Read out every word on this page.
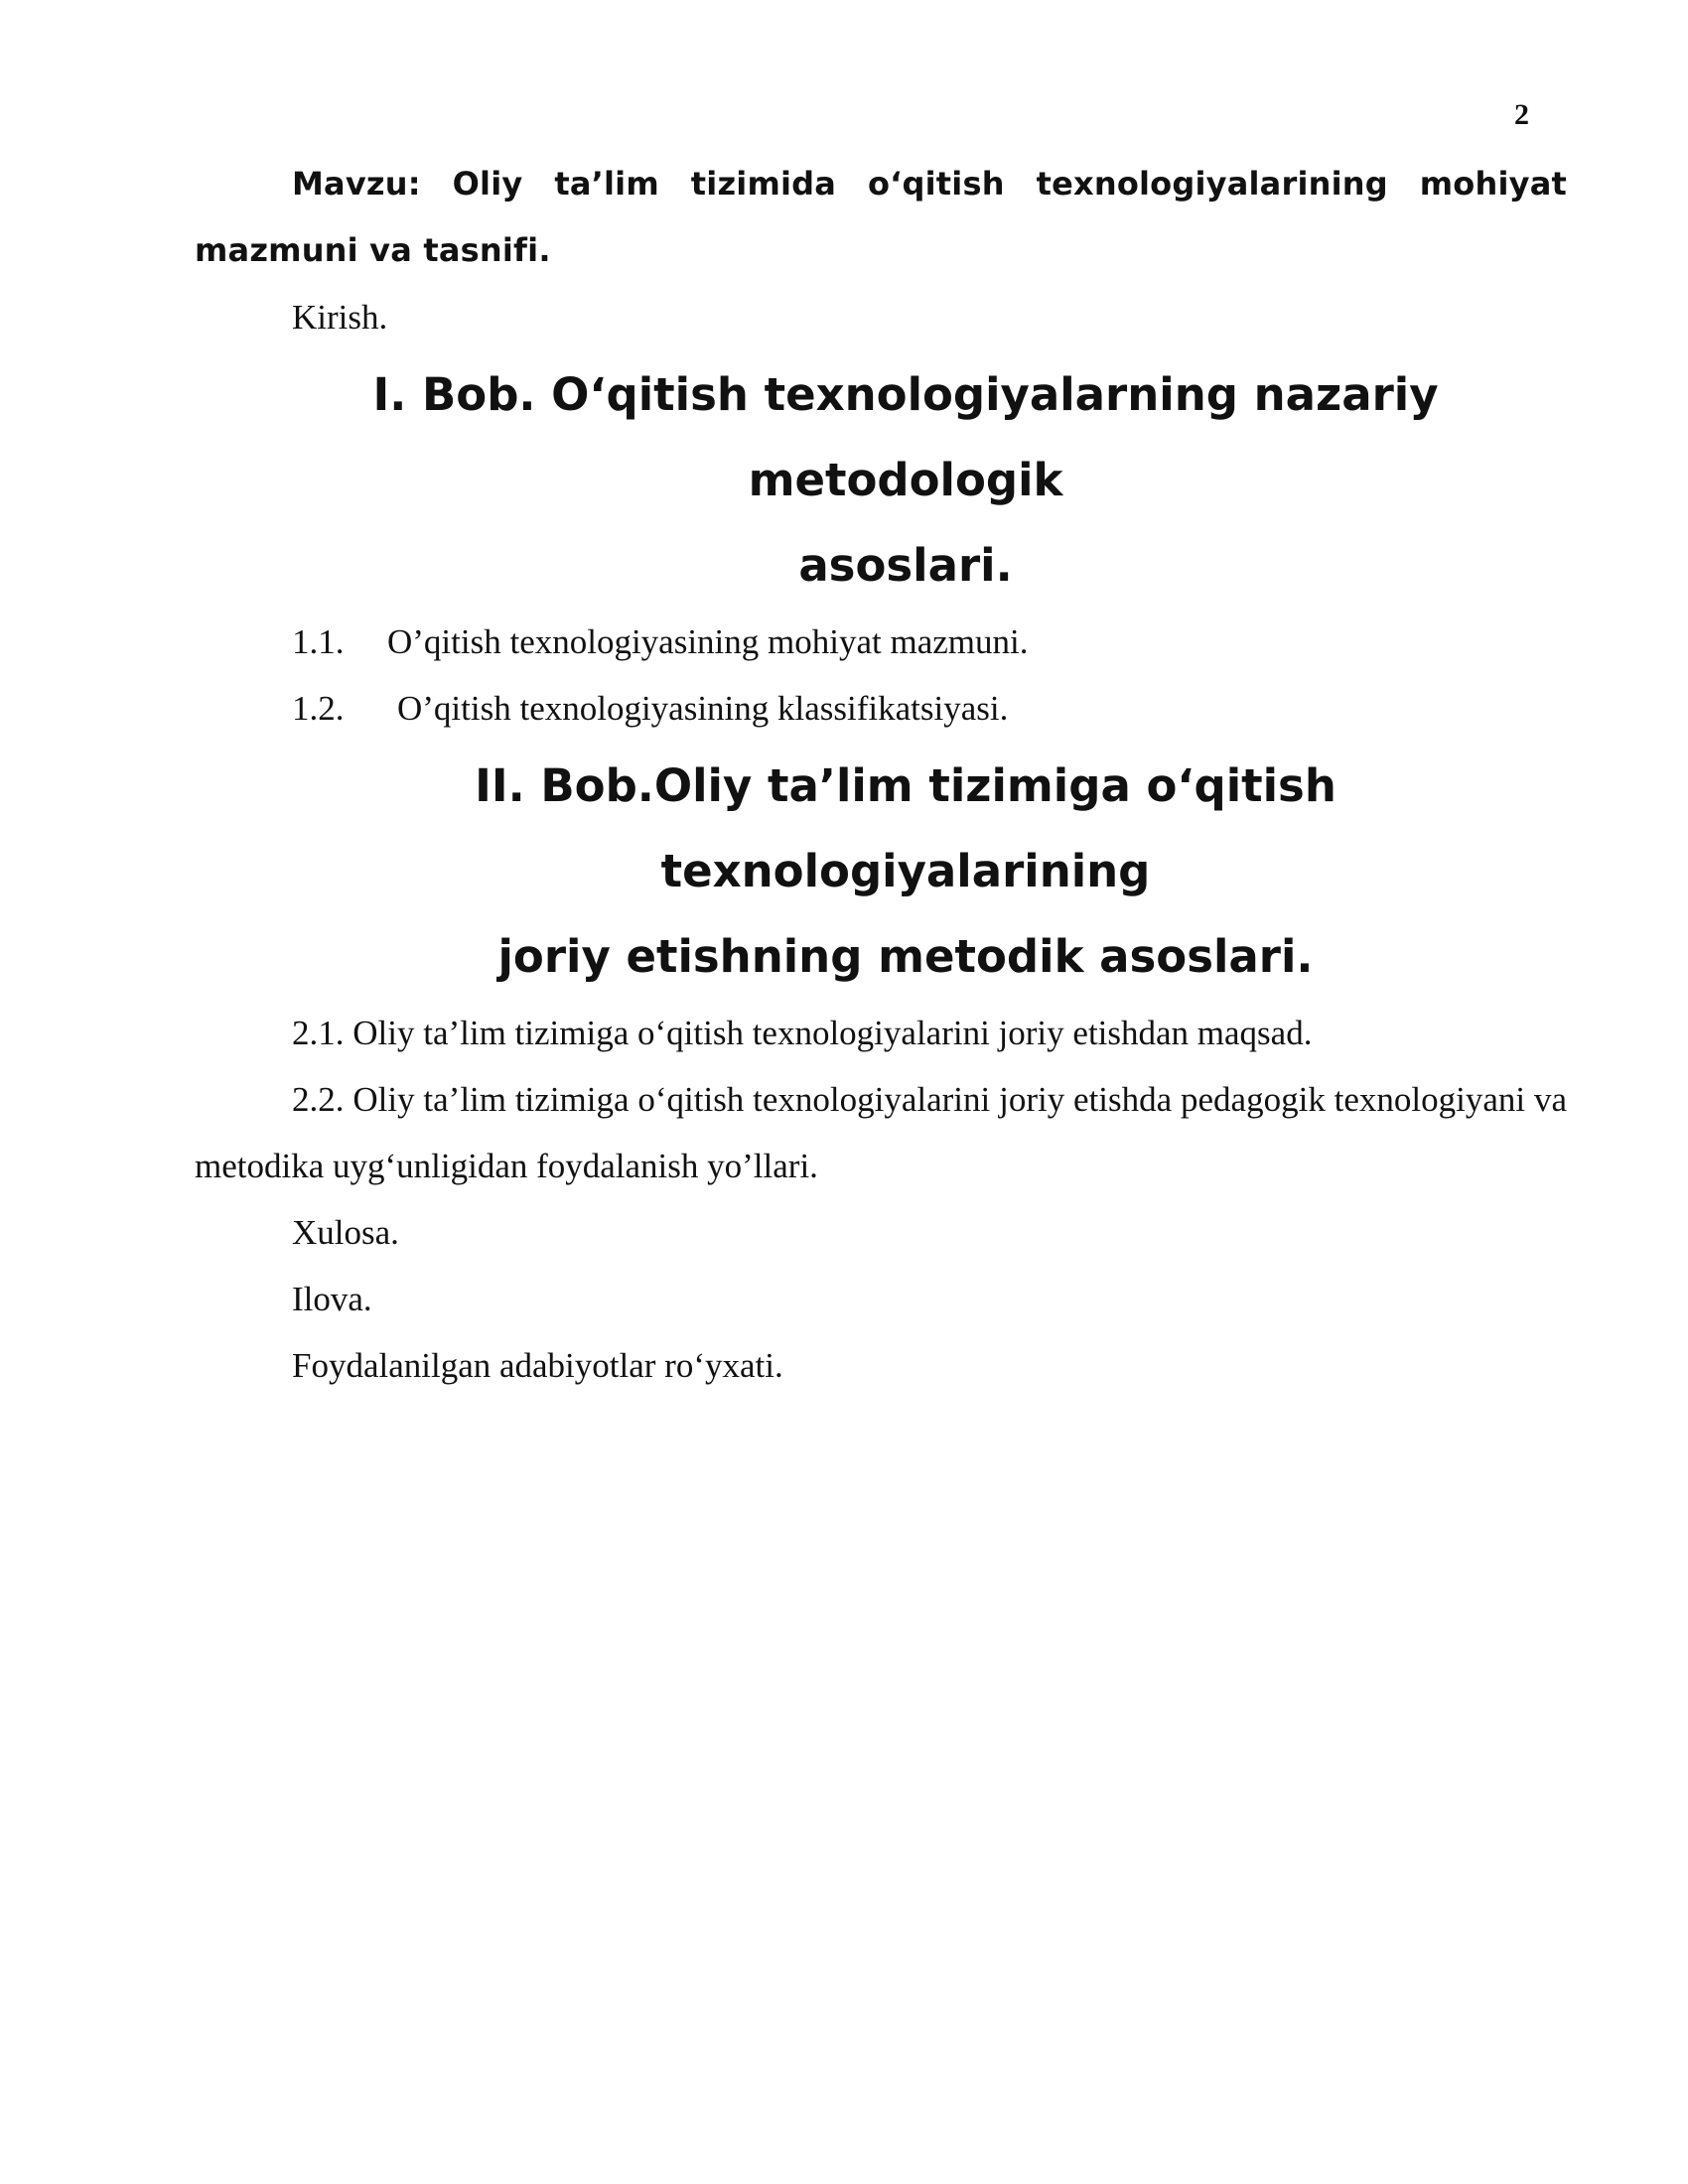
2

Mavzu: Oliy ta’lim tizimida o‘qitish texnologiyalarining mohiyat mazmuni va tasnifi.

Kirish.

I. Bob. O‘qitish texnologiyalarning nazariy metodologik
asoslari.

1.1.	O’qitish texnologiyasining mohiyat mazmuni.

1.2.	O’qitish texnologiyasining klassifikatsiyasi.

II. Bob.Oliy ta’lim tizimiga o‘qitish texnologiyalarining
joriy etishning metodik asoslari.

2.1. Oliy ta’lim tizimiga o‘qitish texnologiyalarini joriy etishdan maqsad.

2.2. Oliy ta’lim tizimiga o‘qitish texnologiyalarini joriy etishda pedagogik texnologiyani va metodika uyg‘unligidan foydalanish yo’llari.

Xulosa.

Ilova.

Foydalanilgan adabiyotlar ro‘yxati.
